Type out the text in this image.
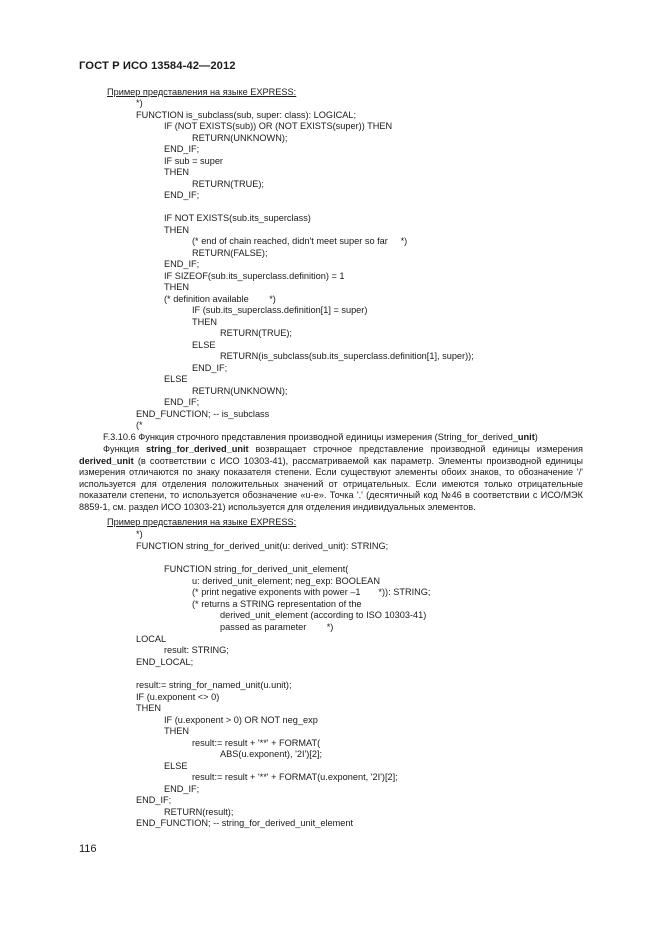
ГОСТ Р ИСО 13584-42—2012
Пример представления на языке EXPRESS:
*)
FUNCTION is_subclass(sub, super: class): LOGICAL;
IF (NOT EXISTS(sub)) OR (NOT EXISTS(super)) THEN
RETURN(UNKNOWN);
END_IF;
IF sub = super
THEN
RETURN(TRUE);
END_IF;
IF NOT EXISTS(sub.its_superclass)
THEN
(* end of chain reached, didn't meet super so far     *)
RETURN(FALSE);
END_IF;
IF SIZEOF(sub.its_superclass.definition) = 1
THEN
(* definition available        *)
IF (sub.its_superclass.definition[1] = super)
THEN
RETURN(TRUE);
ELSE
RETURN(is_subclass(sub.its_superclass.definition[1], super));
END_IF;
ELSE
RETURN(UNKNOWN);
END_IF;
END_FUNCTION; -- is_subclass
(*
F.3.10.6 Функция строчного представления производной единицы измерения (String_for_derived_unit)
Функция string_for_derived_unit возвращает строчное представление производной единицы измерения derived_unit (в соответствии с ИСО 10303-41), рассматриваемой как параметр. Элементы производной единицы измерения отличаются по знаку показателя степени. Если существуют элементы обоих знаков, то обозначение '/' используется для отделения положительных значений от отрицательных. Если имеются только отрицательные показатели степени, то используется обозначение «u-e». Точка '.' (десятичный код №46 в соответствии с ИСО/МЭК 8859-1, см. раздел ИСО 10303-21) используется для отделения индивидуальных элементов.
Пример представления на языке EXPRESS:
*)
FUNCTION string_for_derived_unit(u: derived_unit): STRING;
FUNCTION string_for_derived_unit_element(
u: derived_unit_element; neg_exp: BOOLEAN
(* print negative exponents with power –1       *)): STRING;
(* returns a STRING representation of the
derived_unit_element (according to ISO 10303-41)
passed as parameter        *)
LOCAL
result: STRING;
END_LOCAL;
result:= string_for_named_unit(u.unit);
IF (u.exponent <> 0)
THEN
IF (u.exponent > 0) OR NOT neg_exp
THEN
result:= result + '**' + FORMAT(
ABS(u.exponent), '2I')[2];
ELSE
result:= result + '**' + FORMAT(u.exponent, '2I')[2];
END_IF;
END_IF;
RETURN(result);
END_FUNCTION; -- string_for_derived_unit_element
116
